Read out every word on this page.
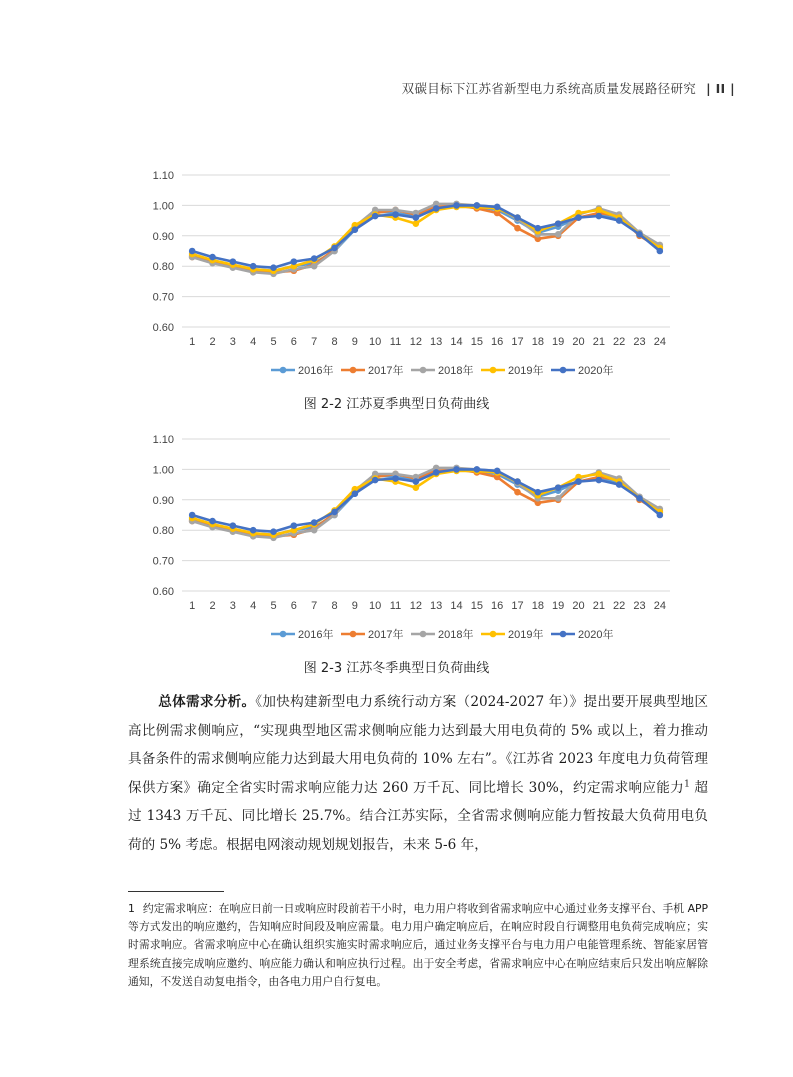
双碳目标下江苏省新型电力系统高质量发展路径研究 | II |
0.60
0.70
0.80
0.90
1.00
1.10
1 2 3 4 5 6 7 8 9 10 11 12 13 14 15 16 17 18 19 20 21 22 23 24
2016年	2017年	2018年	2019年	2020年
图 2-2 江苏夏季典型日负荷曲线
0.60
0.70
0.80
0.90
1.00
1.10
1 2 3 4 5 6 7 8 9 10 11 12 13 14 15 16 17 18 19 20 21 22 23 24
2016年	2017年	2018年	2019年	2020年
图 2-3 江苏冬季典型日负荷曲线
总体需求分析。《加快构建新型电力系统行动方案（2024-2027 年）》提出要开展典型地区高比例需求侧响应，“实现典型地区需求侧响应能力达到最大用电负荷的 5% 或以上，着力推动具备条件的需求侧响应能力达到最大用电负荷的 10% 左右”。《江苏省 2023 年度电力负荷管理保供方案》确定全省实时需求响应能力达 260 万千瓦、同比增长 30%，约定需求响应能力$^1$ 超过 1343 万千瓦、同比增长 25.7%。结合江苏实际，全省需求侧响应能力暂按最大负荷用电负荷的 5% 考虑。根据电网滚动规划规划报告，未来 5-6 年，
1 约定需求响应：在响应日前一日或响应时段前若干小时，电力用户将收到省需求响应中心通过业务支撑平台、手机 APP 等方式发出的响应邀约，告知响应时间段及响应需量。电力用户确定响应后，在响应时段自行调整用电负荷完成响应；实时需求响应。省需求响应中心在确认组织实施实时需求响应后，通过业务支撑平台与电力用户电能管理系统、智能家居管理系统直接完成响应邀约、响应能力确认和响应执行过程。出于安全考虑，省需求响应中心在响应结束后只发出响应解除通知，不发送自动复电指令，由各电力用户自行复电。
